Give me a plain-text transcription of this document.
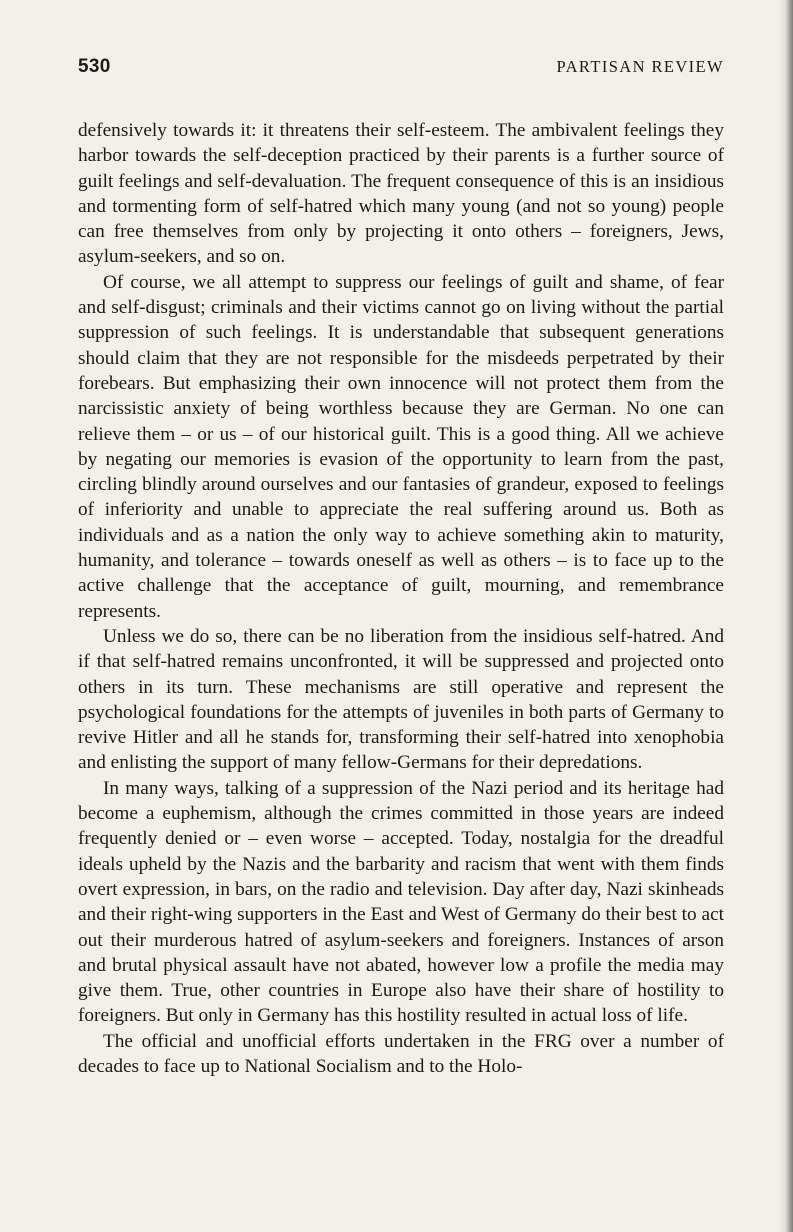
530	PARTISAN REVIEW

defensively towards it: it threatens their self-esteem. The ambivalent feelings they harbor towards the self-deception practiced by their parents is a further source of guilt feelings and self-devaluation. The frequent consequence of this is an insidious and tormenting form of self-hatred which many young (and not so young) people can free themselves from only by projecting it onto others – foreigners, Jews, asylum-seekers, and so on.

Of course, we all attempt to suppress our feelings of guilt and shame, of fear and self-disgust; criminals and their victims cannot go on living without the partial suppression of such feelings. It is understandable that subsequent generations should claim that they are not responsible for the misdeeds perpetrated by their forebears. But emphasizing their own innocence will not protect them from the narcissistic anxiety of being worthless because they are German. No one can relieve them – or us – of our historical guilt. This is a good thing. All we achieve by negating our memories is evasion of the opportunity to learn from the past, circling blindly around ourselves and our fantasies of grandeur, exposed to feelings of inferiority and unable to appreciate the real suffering around us. Both as individuals and as a nation the only way to achieve something akin to maturity, humanity, and tolerance – towards oneself as well as others – is to face up to the active challenge that the acceptance of guilt, mourning, and remembrance represents.

Unless we do so, there can be no liberation from the insidious self-hatred. And if that self-hatred remains unconfronted, it will be suppressed and projected onto others in its turn. These mechanisms are still operative and represent the psychological foundations for the attempts of juveniles in both parts of Germany to revive Hitler and all he stands for, transforming their self-hatred into xenophobia and enlisting the support of many fellow-Germans for their depredations.

In many ways, talking of a suppression of the Nazi period and its heritage had become a euphemism, although the crimes committed in those years are indeed frequently denied or – even worse – accepted. Today, nostalgia for the dreadful ideals upheld by the Nazis and the barbarity and racism that went with them finds overt expression, in bars, on the radio and television. Day after day, Nazi skinheads and their right-wing supporters in the East and West of Germany do their best to act out their murderous hatred of asylum-seekers and foreigners. Instances of arson and brutal physical assault have not abated, however low a profile the media may give them. True, other countries in Europe also have their share of hostility to foreigners. But only in Germany has this hostility resulted in actual loss of life.

The official and unofficial efforts undertaken in the FRG over a number of decades to face up to National Socialism and to the Holo-
